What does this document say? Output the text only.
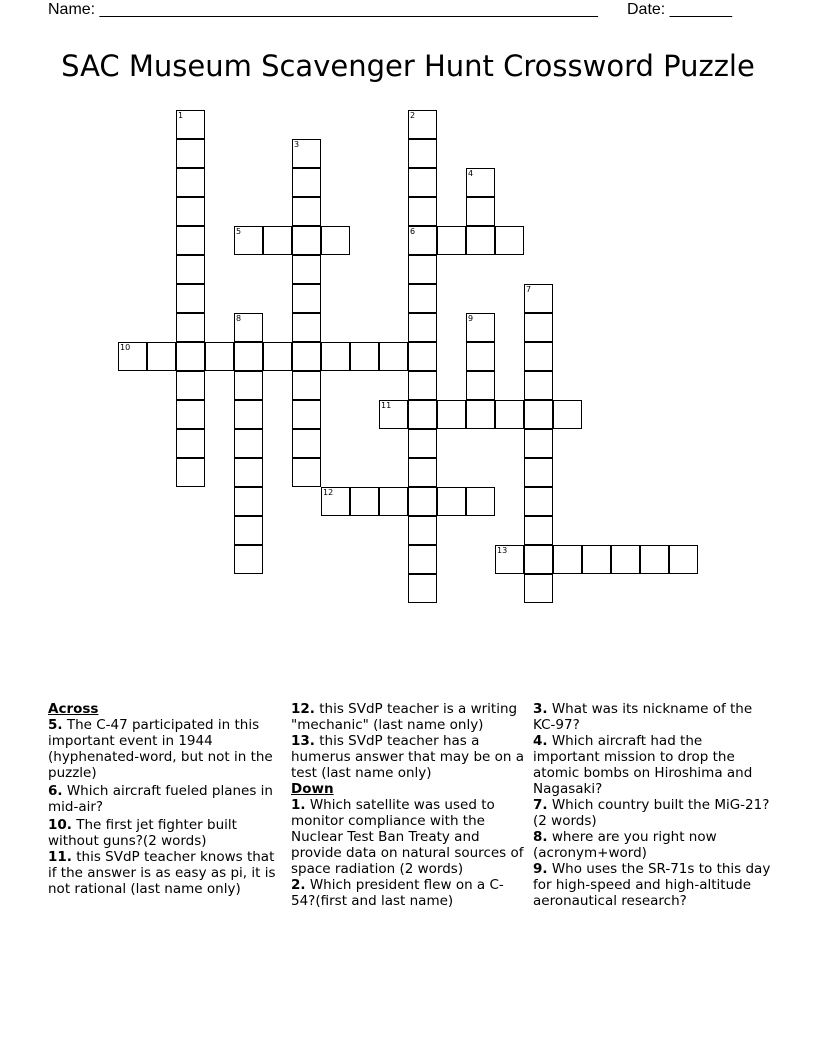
Name: ________________________________________________________ Date: _______
SAC Museum Scavenger Hunt Crossword Puzzle
5	6
10
11
12
13
1	2
3
4
7
8	9
Across
5. The C-47 participated in this important event in 1944 (hyphenated-word, but not in the puzzle)
6. Which aircraft fueled planes in mid-air?
10. The first jet fighter built without guns?(2 words)
11. this SVdP teacher knows that if the answer is as easy as pi, it is not rational (last name only)
12. this SVdP teacher is a writing "mechanic" (last name only)
13. this SVdP teacher has a humerus answer that may be on a test (last name only)
Down
1. Which satellite was used to monitor compliance with the Nuclear Test Ban Treaty and provide data on natural sources of space radiation (2 words)
2. Which president flew on a C-54?(first and last name)
3. What was its nickname of the KC-97?
4. Which aircraft had the important mission to drop the atomic bombs on Hiroshima and Nagasaki?
7. Which country built the MiG-21?(2 words)
8. where are you right now (acronym+word)
9. Who uses the SR-71s to this day for high-speed and high-altitude aeronautical research?
